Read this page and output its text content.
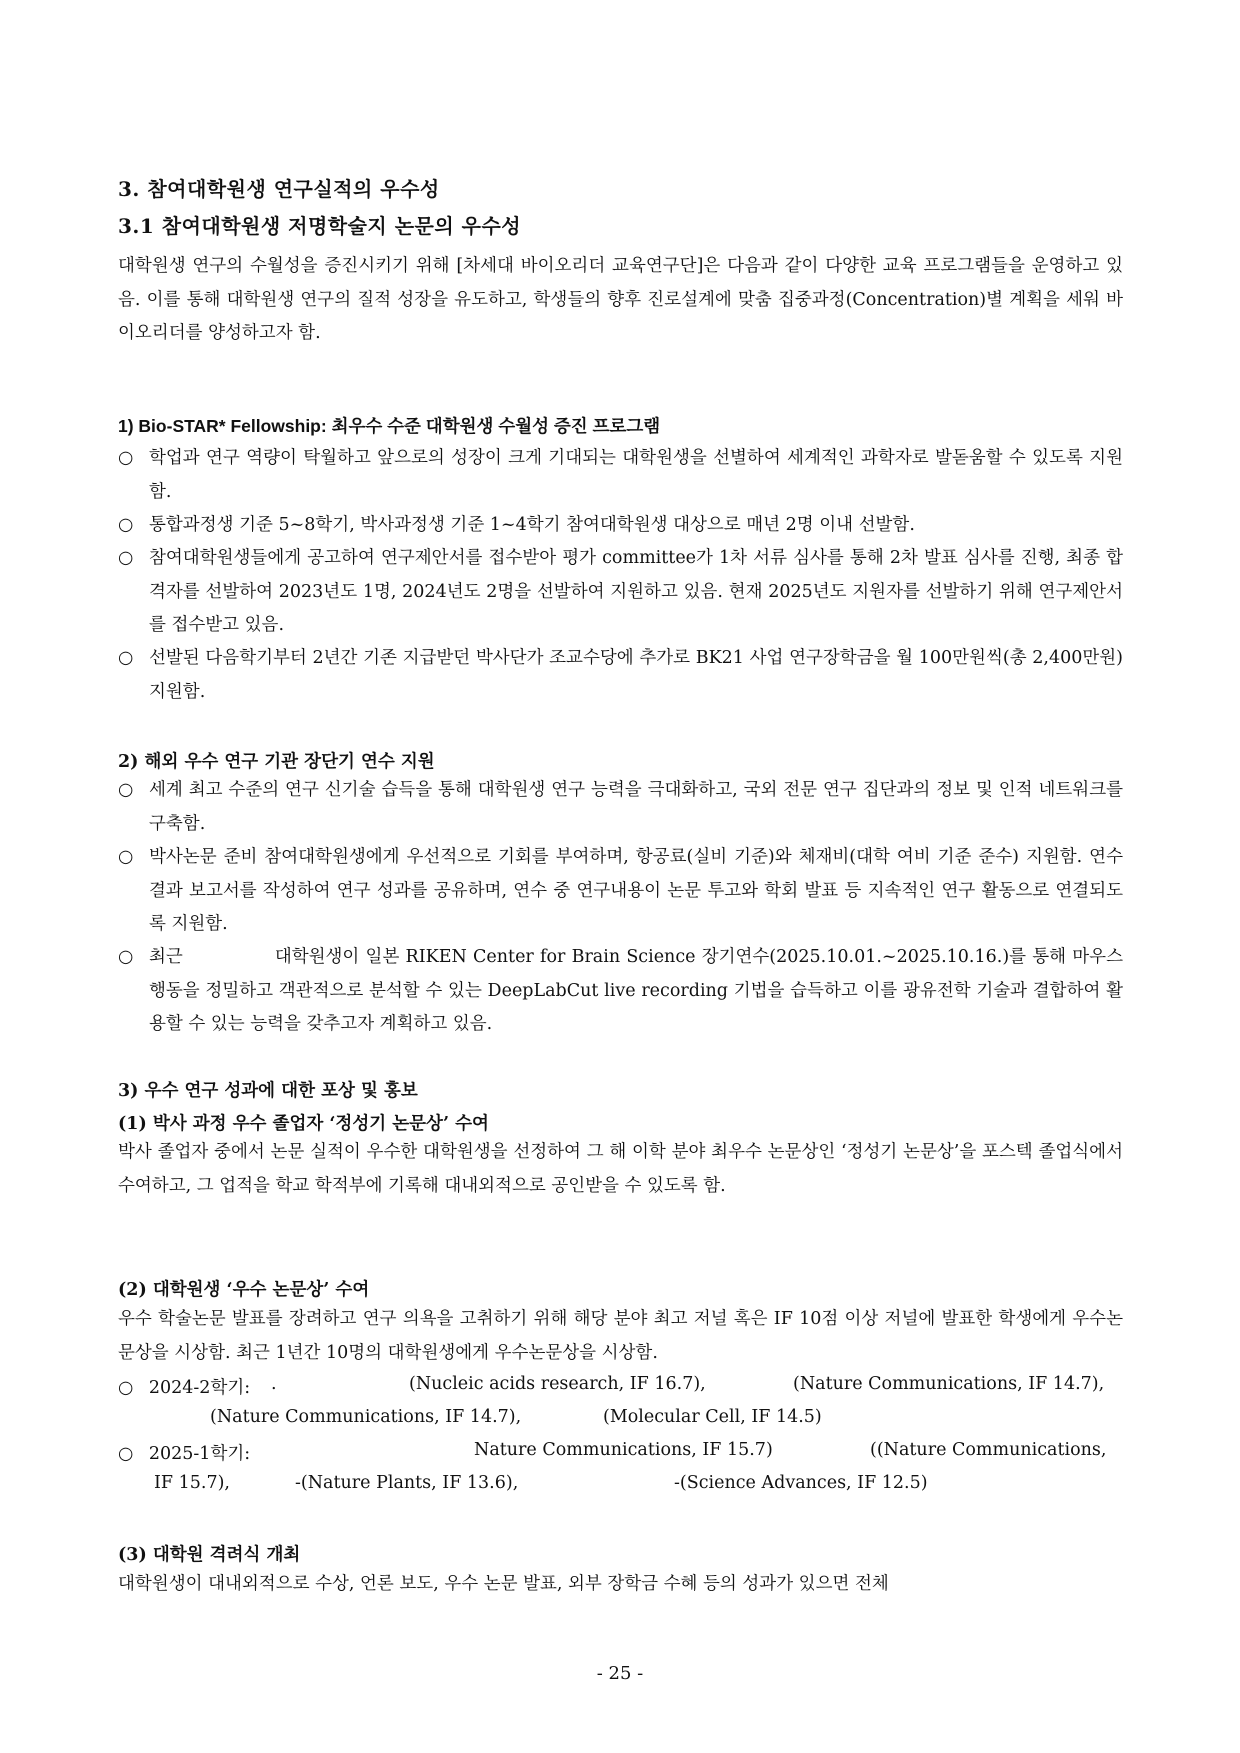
3. 참여대학원생 연구실적의 우수성
3.1 참여대학원생 저명학술지 논문의 우수성
대학원생 연구의 수월성을 증진시키기 위해 [차세대 바이오리더 교육연구단]은 다음과 같이 다양한 교육 프로그램들을 운영하고 있음. 이를 통해 대학원생 연구의 질적 성장을 유도하고, 학생들의 향후 진로설계에 맞춤 집중과정(Concentration)별 계획을 세워 바이오리더를 양성하고자 함.
1) Bio-STAR* Fellowship: 최우수 수준 대학원생 수월성 증진 프로그램
○ 학업과 연구 역량이 탁월하고 앞으로의 성장이 크게 기대되는 대학원생을 선별하여 세계적인 과학자로 발돋움할 수 있도록 지원함.
○ 통합과정생 기준 5~8학기, 박사과정생 기준 1~4학기 참여대학원생 대상으로 매년 2명 이내 선발함.
○ 참여대학원생들에게 공고하여 연구제안서를 접수받아 평가 committee가 1차 서류 심사를 통해 2차 발표 심사를 진행, 최종 합격자를 선발하여 2023년도 1명, 2024년도 2명을 선발하여 지원하고 있음. 현재 2025년도 지원자를 선발하기 위해 연구제안서를 접수받고 있음.
○ 선발된 다음학기부터 2년간 기존 지급받던 박사단가 조교수당에 추가로 BK21 사업 연구장학금을 월 100만원씩(총 2,400만원) 지원함.
2) 해외 우수 연구 기관 장단기 연수 지원
○ 세계 최고 수준의 연구 신기술 습득을 통해 대학원생 연구 능력을 극대화하고, 국외 전문 연구 집단과의 정보 및 인적 네트워크를 구축함.
○ 박사논문 준비 참여대학원생에게 우선적으로 기회를 부여하며, 항공료(실비 기준)와 체재비(대학 여비 기준 준수) 지원함. 연수 결과 보고서를 작성하여 연구 성과를 공유하며, 연수 중 연구내용이 논문 투고와 학회 발표 등 지속적인 연구 활동으로 연결되도록 지원함.
○ 최근	대학원생이 일본 RIKEN Center for Brain Science 장기연수(2025.10.01.~2025.10.16.)를 통해 마우스 행동을 정밀하고 객관적으로 분석할 수 있는 DeepLabCut live recording 기법을 습득하고 이를 광유전학 기술과 결합하여 활용할 수 있는 능력을 갖추고자 계획하고 있음.
3) 우수 연구 성과에 대한 포상 및 홍보
(1) 박사 과정 우수 졸업자 ‘정성기 논문상’ 수여
박사 졸업자 중에서 논문 실적이 우수한 대학원생을 선정하여 그 해 이학 분야 최우수 논문상인 ‘정성기 논문상’을 포스텍 졸업식에서 수여하고, 그 업적을 학교 학적부에 기록해 대내외적으로 공인받을 수 있도록 함.
(2) 대학원생 ‘우수 논문상’ 수여
우수 학술논문 발표를 장려하고 연구 의욕을 고취하기 위해 해당 분야 최고 저널 혹은 IF 10점 이상 저널에 발표한 학생에게 우수논문상을 시상함. 최근 1년간 10명의 대학원생에게 우수논문상을 시상함.
○ 2024-2학기: .	(Nucleic acids research, IF 16.7),	(Nature Communications, IF 14.7),
(Nature Communications, IF 14.7),	(Molecular Cell, IF 14.5)
○ 2025-1학기:	Nature Communications, IF 15.7)	((Nature Communications,
IF 15.7),	-(Nature Plants, IF 13.6),	-(Science Advances, IF 12.5)
(3) 대학원 격려식 개최
대학원생이 대내외적으로 수상, 언론 보도, 우수 논문 발표, 외부 장학금 수혜 등의 성과가 있으면 전체
- 25 -
